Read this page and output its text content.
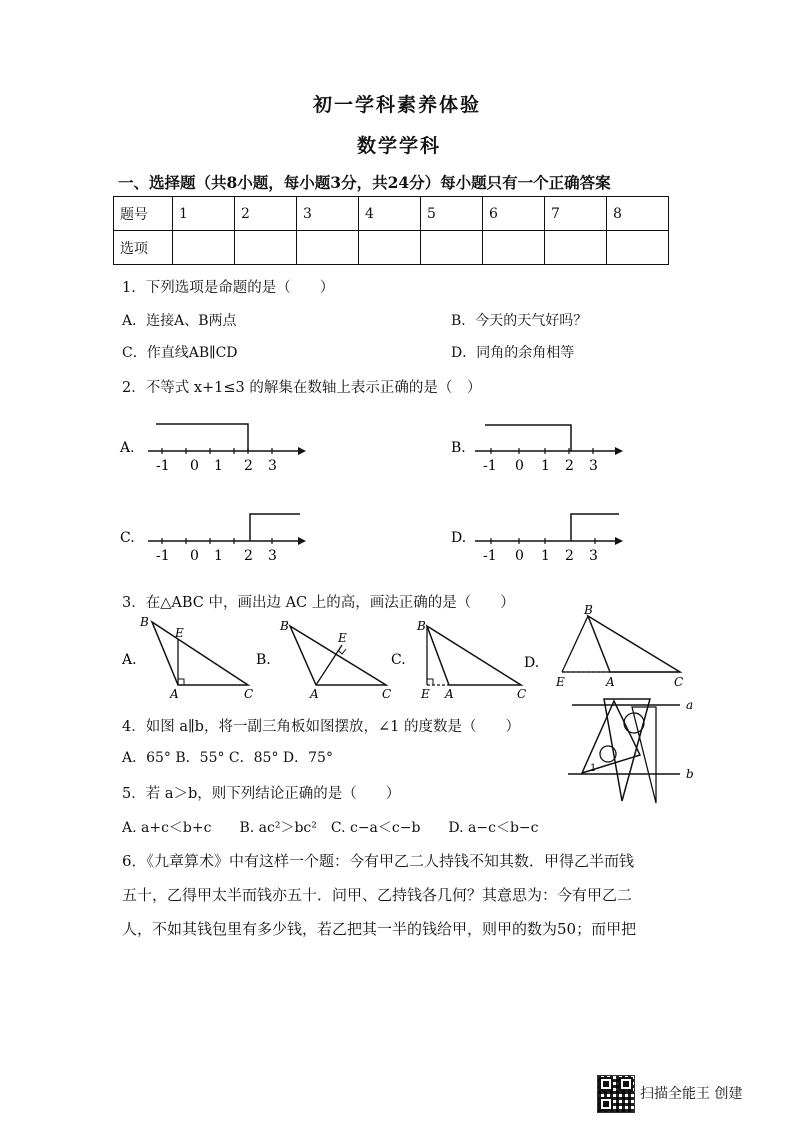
初一学科素养体验
数学学科
一、选择题（共8小题，每小题3分，共24分）每小题只有一个正确答案
题号	1	2	3	4	5	6	7	8
选项								
1．下列选项是命题的是（　　）
A．连接A、B两点	B．今天的天气好吗？
C．作直线AB∥CD	D．同角的余角相等
2．不等式 x+1≤3 的解集在数轴上表示正确的是（　）
A.
-1 0 1 2 3
B.
-1 0 1 2 3
C.
-1 0 1 2 3
D.
-1 0 1 2 3
3．在△ABC 中，画出边 AC 上的高，画法正确的是（　　）
A.
B
E
A	C
B.
B
E
A	C
C.
B
E A	C
D.
B
E	A	C
4．如图 a∥b，将一副三角板如图摆放，∠1 的度数是（　　）
A．65° B．55° C．85° D．75°
a
b
1
5．若 a＞b，则下列结论正确的是（　　）
A. a+c＜b+c　　B. ac²＞bc²　C. c−a＜c−b　　D. a−c＜b−c
6．《九章算术》中有这样一个题：今有甲乙二人持钱不知其数．甲得乙半而钱
五十，乙得甲太半而钱亦五十．问甲、乙持钱各几何？其意思为：今有甲乙二
人，不如其钱包里有多少钱，若乙把其一半的钱给甲，则甲的数为50；而甲把
扫描全能王 创建
